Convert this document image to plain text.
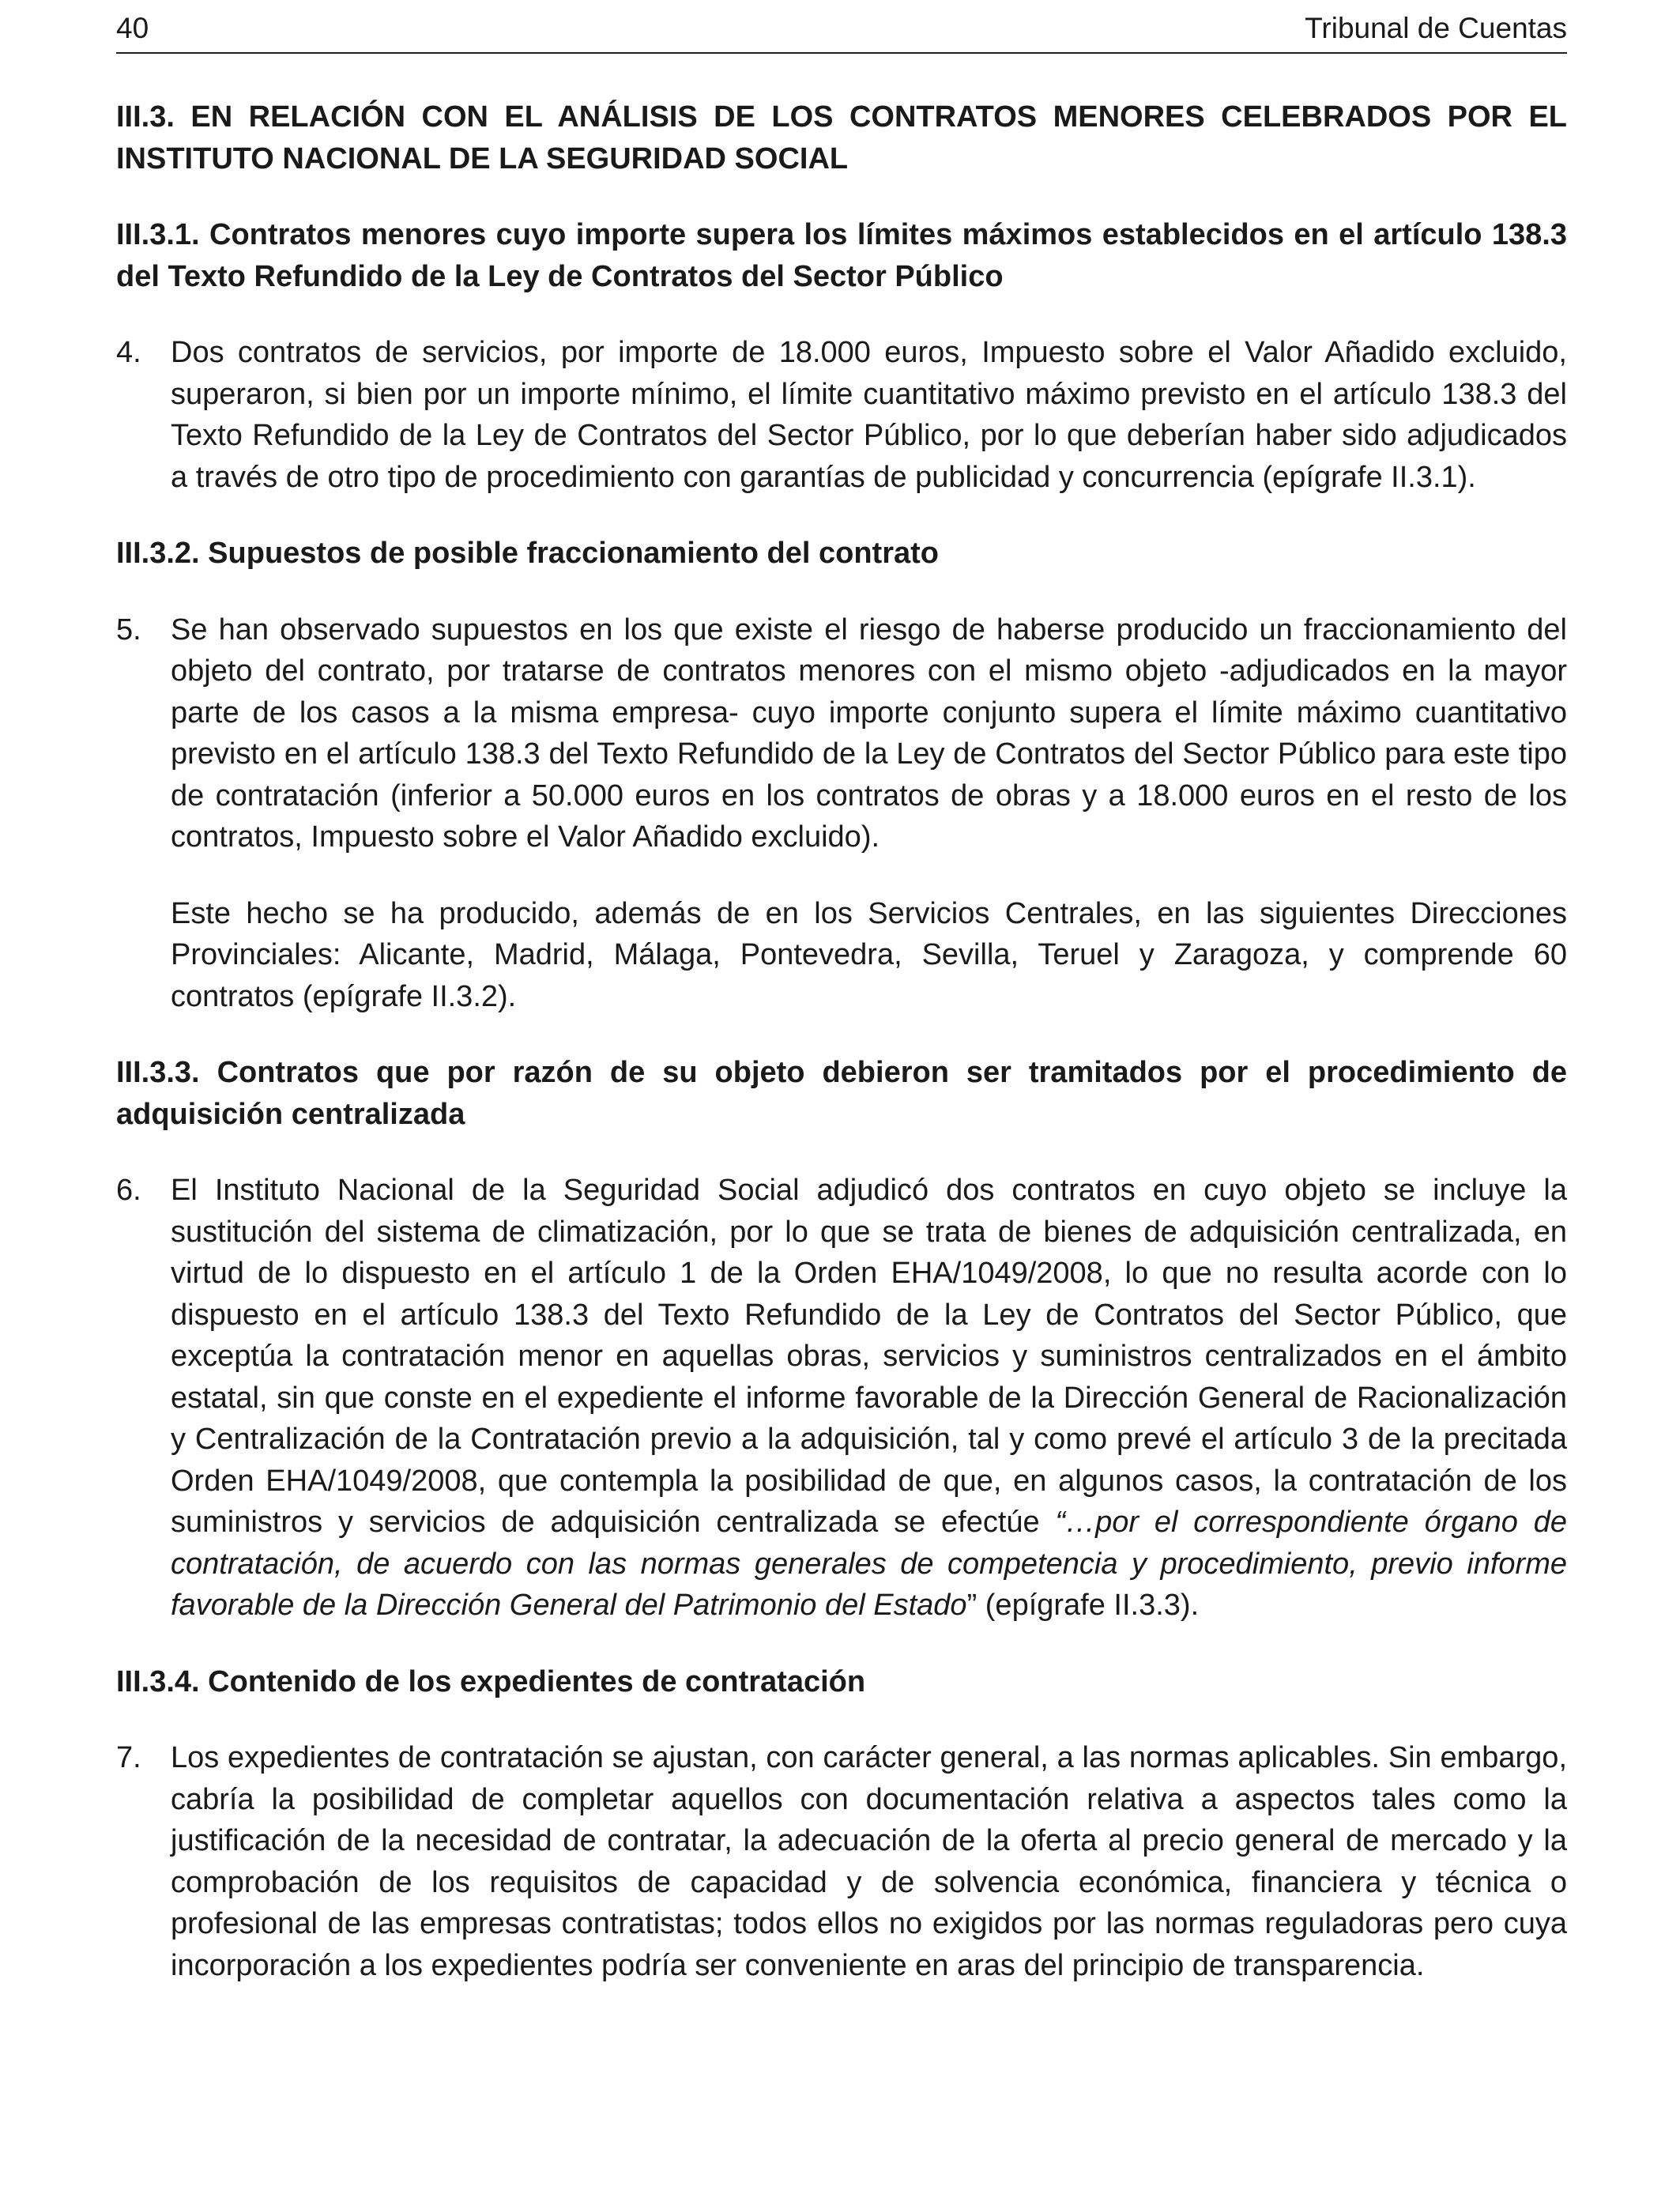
40	Tribunal de Cuentas
III.3. EN RELACIÓN CON EL ANÁLISIS DE LOS CONTRATOS MENORES CELEBRADOS POR EL INSTITUTO NACIONAL DE LA SEGURIDAD SOCIAL
III.3.1. Contratos menores cuyo importe supera los límites máximos establecidos en el artículo 138.3 del Texto Refundido de la Ley de Contratos del Sector Público
4. Dos contratos de servicios, por importe de 18.000 euros, Impuesto sobre el Valor Añadido excluido, superaron, si bien por un importe mínimo, el límite cuantitativo máximo previsto en el artículo 138.3 del Texto Refundido de la Ley de Contratos del Sector Público, por lo que deberían haber sido adjudicados a través de otro tipo de procedimiento con garantías de publicidad y concurrencia (epígrafe II.3.1).

III.3.2. Supuestos de posible fraccionamiento del contrato
5. Se han observado supuestos en los que existe el riesgo de haberse producido un fraccionamiento del objeto del contrato, por tratarse de contratos menores con el mismo objeto -adjudicados en la mayor parte de los casos a la misma empresa- cuyo importe conjunto supera el límite máximo cuantitativo previsto en el artículo 138.3 del Texto Refundido de la Ley de Contratos del Sector Público para este tipo de contratación (inferior a 50.000 euros en los contratos de obras y a 18.000 euros en el resto de los contratos, Impuesto sobre el Valor Añadido excluido).

Este hecho se ha producido, además de en los Servicios Centrales, en las siguientes Direcciones Provinciales: Alicante, Madrid, Málaga, Pontevedra, Sevilla, Teruel y Zaragoza, y comprende 60 contratos (epígrafe II.3.2).

III.3.3. Contratos que por razón de su objeto debieron ser tramitados por el procedimiento de adquisición centralizada
6. El Instituto Nacional de la Seguridad Social adjudicó dos contratos en cuyo objeto se incluye la sustitución del sistema de climatización, por lo que se trata de bienes de adquisición centralizada, en virtud de lo dispuesto en el artículo 1 de la Orden EHA/1049/2008, lo que no resulta acorde con lo dispuesto en el artículo 138.3 del Texto Refundido de la Ley de Contratos del Sector Público, que exceptúa la contratación menor en aquellas obras, servicios y suministros centralizados en el ámbito estatal, sin que conste en el expediente el informe favorable de la Dirección General de Racionalización y Centralización de la Contratación previo a la adquisición, tal y como prevé el artículo 3 de la precitada Orden EHA/1049/2008, que contempla la posibilidad de que, en algunos casos, la contratación de los suministros y servicios de adquisición centralizada se efectúe “…por el correspondiente órgano de contratación, de acuerdo con las normas generales de competencia y procedimiento, previo informe favorable de la Dirección General del Patrimonio del Estado” (epígrafe II.3.3).

III.3.4. Contenido de los expedientes de contratación
7. Los expedientes de contratación se ajustan, con carácter general, a las normas aplicables. Sin embargo, cabría la posibilidad de completar aquellos con documentación relativa a aspectos tales como la justificación de la necesidad de contratar, la adecuación de la oferta al precio general de mercado y la comprobación de los requisitos de capacidad y de solvencia económica, financiera y técnica o profesional de las empresas contratistas; todos ellos no exigidos por las normas reguladoras pero cuya incorporación a los expedientes podría ser conveniente en aras del principio de transparencia.
